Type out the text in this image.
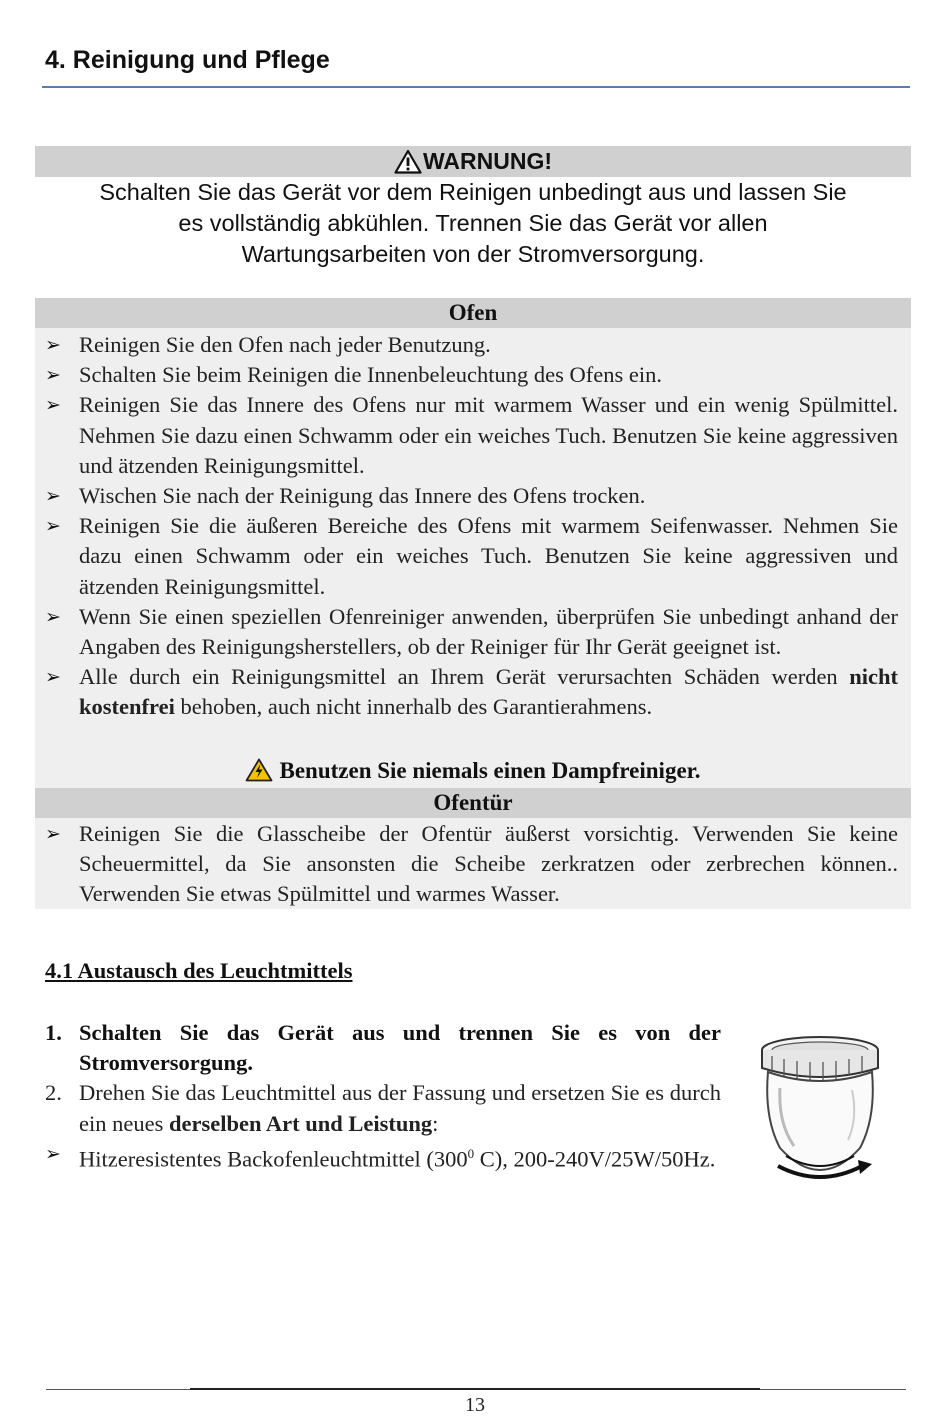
4. Reinigung und Pflege
WARNUNG!

Schalten Sie das Gerät vor dem Reinigen unbedingt aus und lassen Sie
es vollständig abkühlen. Trennen Sie das Gerät vor allen
Wartungsarbeiten von der Stromversorgung.

Ofen
➢ Reinigen Sie den Ofen nach jeder Benutzung.
➢ Schalten Sie beim Reinigen die Innenbeleuchtung des Ofens ein.
➢ Reinigen Sie das Innere des Ofens nur mit warmem Wasser und ein wenig Spülmittel. Nehmen Sie dazu einen Schwamm oder ein weiches Tuch. Benutzen Sie keine aggressiven und ätzenden Reinigungsmittel.
➢ Wischen Sie nach der Reinigung das Innere des Ofens trocken.
➢ Reinigen Sie die äußeren Bereiche des Ofens mit warmem Seifenwasser. Nehmen Sie dazu einen Schwamm oder ein weiches Tuch. Benutzen Sie keine aggressiven und ätzenden Reinigungsmittel.
➢ Wenn Sie einen speziellen Ofenreiniger anwenden, überprüfen Sie unbedingt anhand der Angaben des Reinigungsherstellers, ob der Reiniger für Ihr Gerät geeignet ist.
➢ Alle durch ein Reinigungsmittel an Ihrem Gerät verursachten Schäden werden nicht kostenfrei behoben, auch nicht innerhalb des Garantierahmens.
Benutzen Sie niemals einen Dampfreiniger.
Ofentür
➢ Reinigen Sie die Glasscheibe der Ofentür äußerst vorsichtig. Verwenden Sie keine Scheuermittel, da Sie ansonsten die Scheibe zerkratzen oder zerbrechen können.. Verwenden Sie etwas Spülmittel und warmes Wasser.
4.1 Austausch des Leuchtmittels
1. Schalten Sie das Gerät aus und trennen Sie es von der Stromversorgung.
2. Drehen Sie das Leuchtmittel aus der Fassung und ersetzen Sie es durch ein neues derselben Art und Leistung:
➢ Hitzeresistentes Backofenleuchtmittel ($300^0$ C), 200-240V/25W/50Hz.
13
